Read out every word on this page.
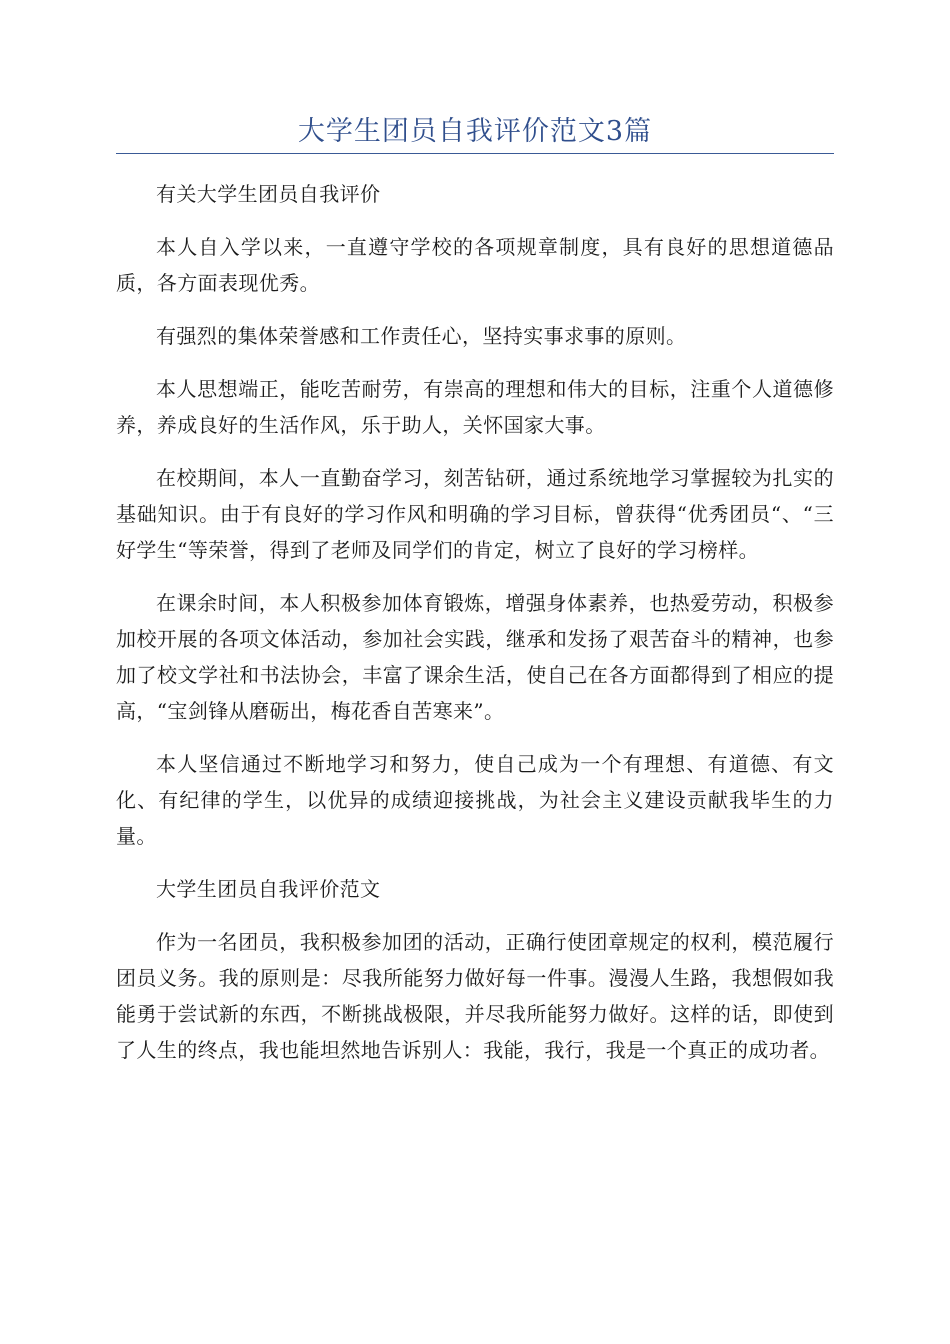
大学生团员自我评价范文3篇

有关大学生团员自我评价

本人自入学以来，一直遵守学校的各项规章制度，具有良好的思想道德品质，各方面表现优秀。

有强烈的集体荣誉感和工作责任心，坚持实事求事的原则。

本人思想端正，能吃苦耐劳，有崇高的理想和伟大的目标，注重个人道德修养，养成良好的生活作风，乐于助人，关怀国家大事。

在校期间，本人一直勤奋学习，刻苦钻研，通过系统地学习掌握较为扎实的基础知识。由于有良好的学习作风和明确的学习目标，曾获得“优秀团员“、“三好学生“等荣誉，得到了老师及同学们的肯定，树立了良好的学习榜样。

在课余时间，本人积极参加体育锻炼，增强身体素养，也热爱劳动，积极参加校开展的各项文体活动，参加社会实践，继承和发扬了艰苦奋斗的精神，也参加了校文学社和书法协会，丰富了课余生活，使自己在各方面都得到了相应的提高，“宝剑锋从磨砺出，梅花香自苦寒来”。

本人坚信通过不断地学习和努力，使自己成为一个有理想、有道德、有文化、有纪律的学生，以优异的成绩迎接挑战，为社会主义建设贡献我毕生的力量。

大学生团员自我评价范文

作为一名团员，我积极参加团的活动，正确行使团章规定的权利，模范履行团员义务。我的原则是：尽我所能努力做好每一件事。漫漫人生路，我想假如我能勇于尝试新的东西，不断挑战极限，并尽我所能努力做好。这样的话，即使到了人生的终点，我也能坦然地告诉别人：我能，我行，我是一个真正的成功者。
